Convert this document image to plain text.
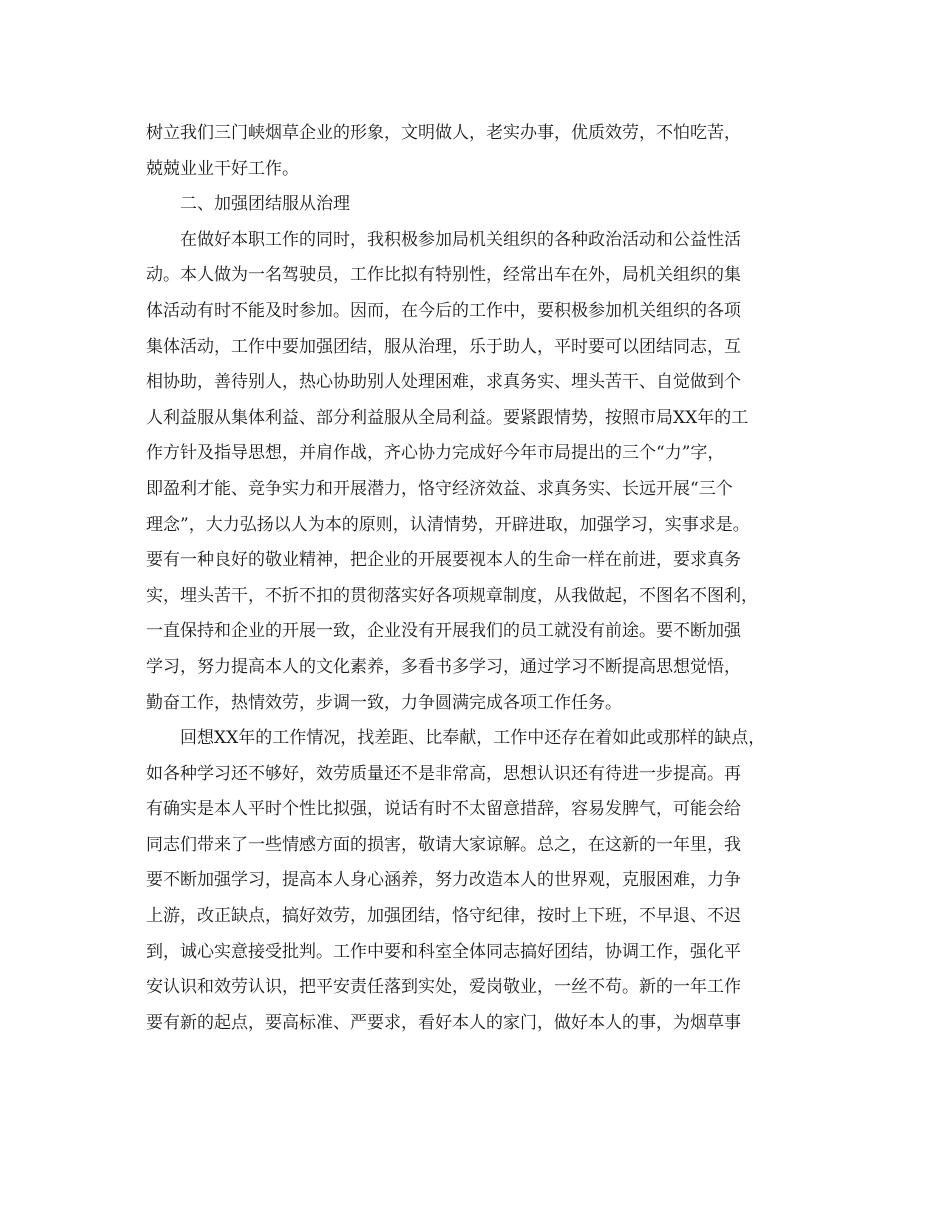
树立我们三门峡烟草企业的形象，文明做人，老实办事，优质效劳，不怕吃苦，
兢兢业业干好工作。
二、加强团结服从治理
在做好本职工作的同时，我积极参加局机关组织的各种政治活动和公益性活
动。本人做为一名驾驶员，工作比拟有特别性，经常出车在外，局机关组织的集
体活动有时不能及时参加。因而，在今后的工作中，要积极参加机关组织的各项
集体活动，工作中要加强团结，服从治理，乐于助人，平时要可以团结同志，互
相协助，善待别人，热心协助别人处理困难，求真务实、埋头苦干、自觉做到个
人利益服从集体利益、部分利益服从全局利益。要紧跟情势，按照市局XX年的工
作方针及指导思想，并肩作战，齐心协力完成好今年市局提出的三个“力”字，
即盈利才能、竞争实力和开展潜力，恪守经济效益、求真务实、长远开展“三个
理念”，大力弘扬以人为本的原则，认清情势，开辟进取，加强学习，实事求是。
要有一种良好的敬业精神，把企业的开展要视本人的生命一样在前进，要求真务
实，埋头苦干，不折不扣的贯彻落实好各项规章制度，从我做起，不图名不图利，
一直保持和企业的开展一致，企业没有开展我们的员工就没有前途。要不断加强
学习，努力提高本人的文化素养，多看书多学习，通过学习不断提高思想觉悟，
勤奋工作，热情效劳，步调一致，力争圆满完成各项工作任务。
回想XX年的工作情况，找差距、比奉献，工作中还存在着如此或那样的缺点，
如各种学习还不够好，效劳质量还不是非常高，思想认识还有待进一步提高。再
有确实是本人平时个性比拟强，说话有时不太留意措辞，容易发脾气，可能会给
同志们带来了一些情感方面的损害，敬请大家谅解。总之，在这新的一年里，我
要不断加强学习，提高本人身心涵养，努力改造本人的世界观，克服困难，力争
上游，改正缺点，搞好效劳，加强团结，恪守纪律，按时上下班，不早退、不迟
到，诚心实意接受批判。工作中要和科室全体同志搞好团结，协调工作，强化平
安认识和效劳认识，把平安责任落到实处，爱岗敬业，一丝不苟。新的一年工作
要有新的起点，要高标准、严要求，看好本人的家门，做好本人的事，为烟草事
